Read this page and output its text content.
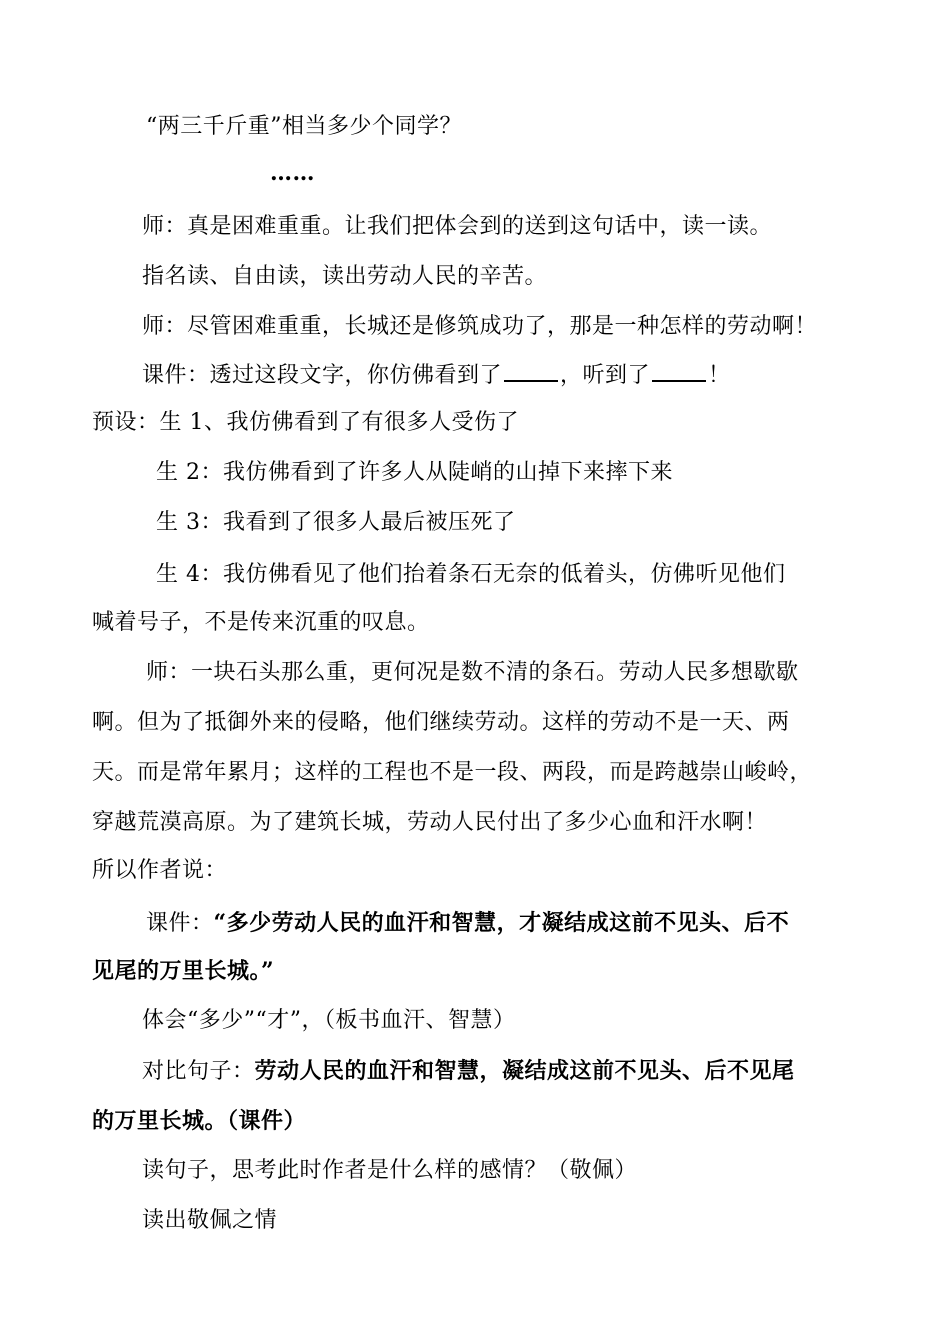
“两三千斤重”相当多少个同学？
……
师：真是困难重重。让我们把体会到的送到这句话中，读一读。
指名读、自由读，读出劳动人民的辛苦。
师：尽管困难重重，长城还是修筑成功了，那是一种怎样的劳动啊！
课件：透过这段文字，你仿佛看到了	，听到了	！
预设：生 1、我仿佛看到了有很多人受伤了
生 2：我仿佛看到了许多人从陡峭的山掉下来摔下来
生 3：我看到了很多人最后被压死了
生 4：我仿佛看见了他们抬着条石无奈的低着头，仿佛听见他们
喊着号子，不是传来沉重的叹息。
师：一块石头那么重，更何况是数不清的条石。劳动人民多想歇歇
啊。但为了抵御外来的侵略，他们继续劳动。这样的劳动不是一天、两
天。而是常年累月；这样的工程也不是一段、两段，而是跨越崇山峻岭，
穿越荒漠高原。为了建筑长城，劳动人民付出了多少心血和汗水啊！
所以作者说：
课件：“多少劳动人民的血汗和智慧，才凝结成这前不见头、后不
见尾的万里长城。”
体会“多少”“才”，（板书血汗、智慧）
对比句子：劳动人民的血汗和智慧，凝结成这前不见头、后不见尾
的万里长城。（课件）
读句子，思考此时作者是什么样的感情？（敬佩）
读出敬佩之情
